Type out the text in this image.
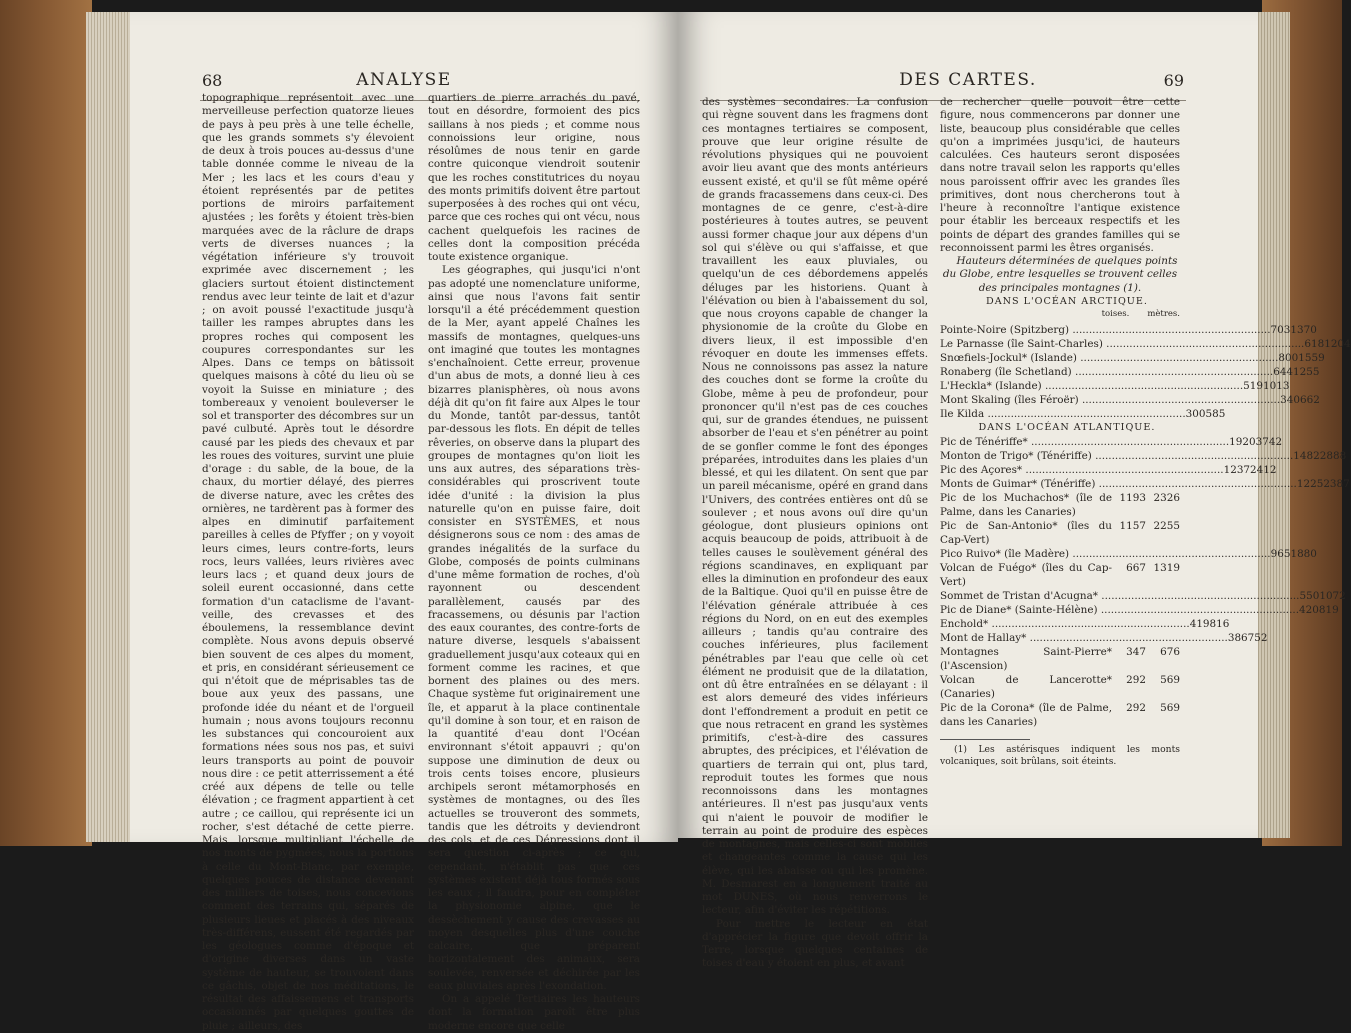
68	ANALYSE

topographique représentoit avec une merveilleuse perfection quatorze lieues de pays à peu près à une telle échelle, que les grands sommets s'y élevoient de deux à trois pouces au-dessus d'une table donnée comme le niveau de la Mer ; les lacs et les cours d'eau y étoient représentés par de petites portions de miroirs parfaitement ajustées ; les forêts y étoient très-bien marquées avec de la râclure de draps verts de diverses nuances ; la végétation inférieure s'y trouvoit exprimée avec discernement ; les glaciers surtout étoient distinctement rendus avec leur teinte de lait et d'azur ; on avoit poussé l'exactitude jusqu'à tailler les rampes abruptes dans les propres roches qui composent les coupures correspondantes sur les Alpes. Dans ce temps on bâtissoit quelques maisons à côté du lieu où se voyoit la Suisse en miniature ; des tombereaux y venoient bouleverser le sol et transporter des décombres sur un pavé culbuté. Après tout le désordre causé par les pieds des chevaux et par les roues des voitures, survint une pluie d'orage : du sable, de la boue, de la chaux, du mortier délayé, des pierres de diverse nature, avec les crêtes des ornières, ne tardèrent pas à former des alpes en diminutif parfaitement pareilles à celles de Pfyffer ; on y voyoit leurs cimes, leurs contre-forts, leurs rocs, leurs vallées, leurs rivières avec leurs lacs ; et quand deux jours de soleil eurent occasionné, dans cette formation d'un cataclisme de l'avant-veille, des crevasses et des éboulemens, la ressemblance devint complète. Nous avons depuis observé bien souvent de ces alpes du moment, et pris, en considérant sérieusement ce qui n'étoit que de méprisables tas de boue aux yeux des passans, une profonde idée du néant et de l'orgueil humain ; nous avons toujours reconnu les substances qui concouroient aux formations nées sous nos pas, et suivi leurs transports au point de pouvoir nous dire : ce petit atterrissement a été créé aux dépens de telle ou telle élévation ; ce fragment appartient à cet autre ; ce caillou, qui représente ici un rocher, s'est détaché de cette pierre. Mais, lorsque multipliant l'échelle de nos monts de pygmées, nous la portions à celle du Mont-Blanc, par exemple, quelques pouces de distance devenant des milliers de toises, nous concevions comment des terrains qui, séparés de plusieurs lieues et placés à des niveaux très-différens, eussent été regardés par les géologues comme d'époque et d'origine diverses dans un vaste système de hauteur, se trouvoient dans ce gâchis, objet de nos méditations, le résultat des affaissemens et transports occasionnés par quelques gouttes de pluie ; ailleurs, des

quartiers de pierre arrachés du pavé, tout en désordre, formoient des pics saillans à nos pieds ; et comme nous connoissions leur origine, nous résolûmes de nous tenir en garde contre quiconque viendroit soutenir que les roches constitutrices du noyau des monts primitifs doivent être partout superposées à des roches qui ont vécu, parce que ces roches qui ont vécu, nous cachent quelquefois les racines de celles dont la composition précéda toute existence organique.

Les géographes, qui jusqu'ici n'ont pas adopté une nomenclature uniforme, ainsi que nous l'avons fait sentir lorsqu'il a été précédemment question de la Mer, ayant appelé Chaînes les massifs de montagnes, quelques-uns ont imaginé que toutes les montagnes s'enchaînoient. Cette erreur, provenue d'un abus de mots, a donné lieu à ces bizarres planisphères, où nous avons déjà dit qu'on fit faire aux Alpes le tour du Monde, tantôt par-dessus, tantôt par-dessous les flots. En dépit de telles rêveries, on observe dans la plupart des groupes de montagnes qu'on lioit les uns aux autres, des séparations très-considérables qui proscrivent toute idée d'unité : la division la plus naturelle qu'on en puisse faire, doit consister en SYSTÈMES, et nous désignerons sous ce nom : des amas de grandes inégalités de la surface du Globe, composés de points culminans d'une même formation de roches, d'où rayonnent ou descendent parallèlement, causés par des fracassemens, ou désunis par l'action des eaux courantes, des contre-forts de nature diverse, lesquels s'abaissent graduellement jusqu'aux coteaux qui en forment comme les racines, et que bornent des plaines ou des mers. Chaque système fut originairement une île, et apparut à la place continentale qu'il domine à son tour, et en raison de la quantité d'eau dont l'Océan environnant s'étoit appauvri ; qu'on suppose une diminution de deux ou trois cents toises encore, plusieurs archipels seront métamorphosés en systèmes de montagnes, ou des îles actuelles se trouveront des sommets, tandis que les détroits y deviendront des cols, et de ces Dépressions dont il sera question ci-après ; ce qui, cependant, n'établit pas que ces systèmes existent déjà tous formés sous les eaux ; il faudra, pour en compléter la physionomie alpine, que le dessèchement y cause des crevasses au moyen desquelles plus d'une couche calcaire, que préparent horizontalement des animaux, sera soulevée, renversée et déchirée par les eaux pluviales après l'exondation.

On a appelé Tertiaires les hauteurs dont la formation paroît être plus moderne encore que celle

DES CARTES.	69

des systèmes secondaires. La confusion qui règne souvent dans les fragmens dont ces montagnes tertiaires se composent, prouve que leur origine résulte de révolutions physiques qui ne pouvoient avoir lieu avant que des monts antérieurs eussent existé, et qu'il se fût même opéré de grands fracassemens dans ceux-ci. Des montagnes de ce genre, c'est-à-dire postérieures à toutes autres, se peuvent aussi former chaque jour aux dépens d'un sol qui s'élève ou qui s'affaisse, et que travaillent les eaux pluviales, ou quelqu'un de ces débordemens appelés déluges par les historiens. Quant à l'élévation ou bien à l'abaissement du sol, que nous croyons capable de changer la physionomie de la croûte du Globe en divers lieux, il est impossible d'en révoquer en doute les immenses effets. Nous ne connoissons pas assez la nature des couches dont se forme la croûte du Globe, même à peu de profondeur, pour prononcer qu'il n'est pas de ces couches qui, sur de grandes étendues, ne puissent absorber de l'eau et s'en pénétrer au point de se gonfler comme le font des éponges préparées, introduites dans les plaies d'un blessé, et qui les dilatent. On sent que par un pareil mécanisme, opéré en grand dans l'Univers, des contrées entières ont dû se soulever ; et nous avons ouï dire qu'un géologue, dont plusieurs opinions ont acquis beaucoup de poids, attribuoit à de telles causes le soulèvement général des régions scandinaves, en expliquant par elles la diminution en profondeur des eaux de la Baltique. Quoi qu'il en puisse être de l'élévation générale attribuée à ces régions du Nord, on en eut des exemples ailleurs ; tandis qu'au contraire des couches inférieures, plus facilement pénétrables par l'eau que celle où cet élément ne produisit que de la dilatation, ont dû être entraînées en se délayant : il est alors demeuré des vides inférieurs dont l'effondrement a produit en petit ce que nous retracent en grand les systèmes primitifs, c'est-à-dire des cassures abruptes, des précipices, et l'élévation de quartiers de terrain qui ont, plus tard, reproduit toutes les formes que nous reconnoissons dans les montagnes antérieures. Il n'est pas jusqu'aux vents qui n'aient le pouvoir de modifier le terrain au point de produire des espèces de montagnes, mais celles-ci sont mobiles et changeantes comme la cause qui les élève, qui les abaisse ou qui les promène. M. Desmarest en a longuement traité au mot DUNES, où nous renverrons le lecteur, afin d'éviter les répétitions.

Pour mettre le lecteur en état d'apprécier la figure que devoit offrir la Terre, lorsque quelques centaines de toises d'eau y étoient en plus, et avant

de rechercher quelle pouvoit être cette figure, nous commencerons par donner une liste, beaucoup plus considérable que celles qu'on a imprimées jusqu'ici, de hauteurs calculées. Ces hauteurs seront disposées dans notre travail selon les rapports qu'elles nous paroissent offrir avec les grandes îles primitives, dont nous chercherons tout à l'heure à reconnoître l'antique existence pour établir les berceaux respectifs et les points de départ des grandes familles qui se reconnoissent parmi les êtres organisés.

Hauteurs déterminées de quelques points du Globe, entre lesquelles se trouvent celles des principales montagnes (1).

DANS L'OCÉAN ARCTIQUE.

toises. mètres.
Pointe-Noire (Spitzberg) .....	703 1370
Le Parnasse (île Saint-Charles) .....	618 1204
Snœfiels-Jockul* (Islande) .....	800 1559
Ronaberg (île Schetland) .....	644 1255
L'Heckla* (Islande) .....	519 1013
Mont Skaling (îles Féroër) .....	340 662
Ile Kilda .....	300 585

DANS L'OCÉAN ATLANTIQUE.

Pic de Ténériffe* .....	1920 3742
Monton de Trigo* (Ténériffe) .....	1482 2888
Pic des Açores* .....	1237 2412
Monts de Guimar* (Ténériffe) .....	1225 2387
Pic de los Muchachos* (île de Palme, dans les Canaries)
1193 2326
Pic de San-Antonio* (îles du Cap-Vert)
1157 2255
Pico Ruivo* (île Madère) .....	965 1880
Volcan de Fuégo* (îles du Cap-Vert)
667 1319
Sommet de Tristan d'Acugna* .....	550 1072
Pic de Diane* (Sainte-Hélène) .....	420 819
Enchold* .....	419 816
Mont de Hallay* .....	386 752
Montagnes Saint-Pierre* (l'Ascension)
347	676
Volcan de Lancerotte* (Canaries)
292	569
Pic de la Corona* (île de Palme, dans les Canaries)
292	569

(1) Les astérisques indiquent les monts volcaniques, soit brûlans, soit éteints.
